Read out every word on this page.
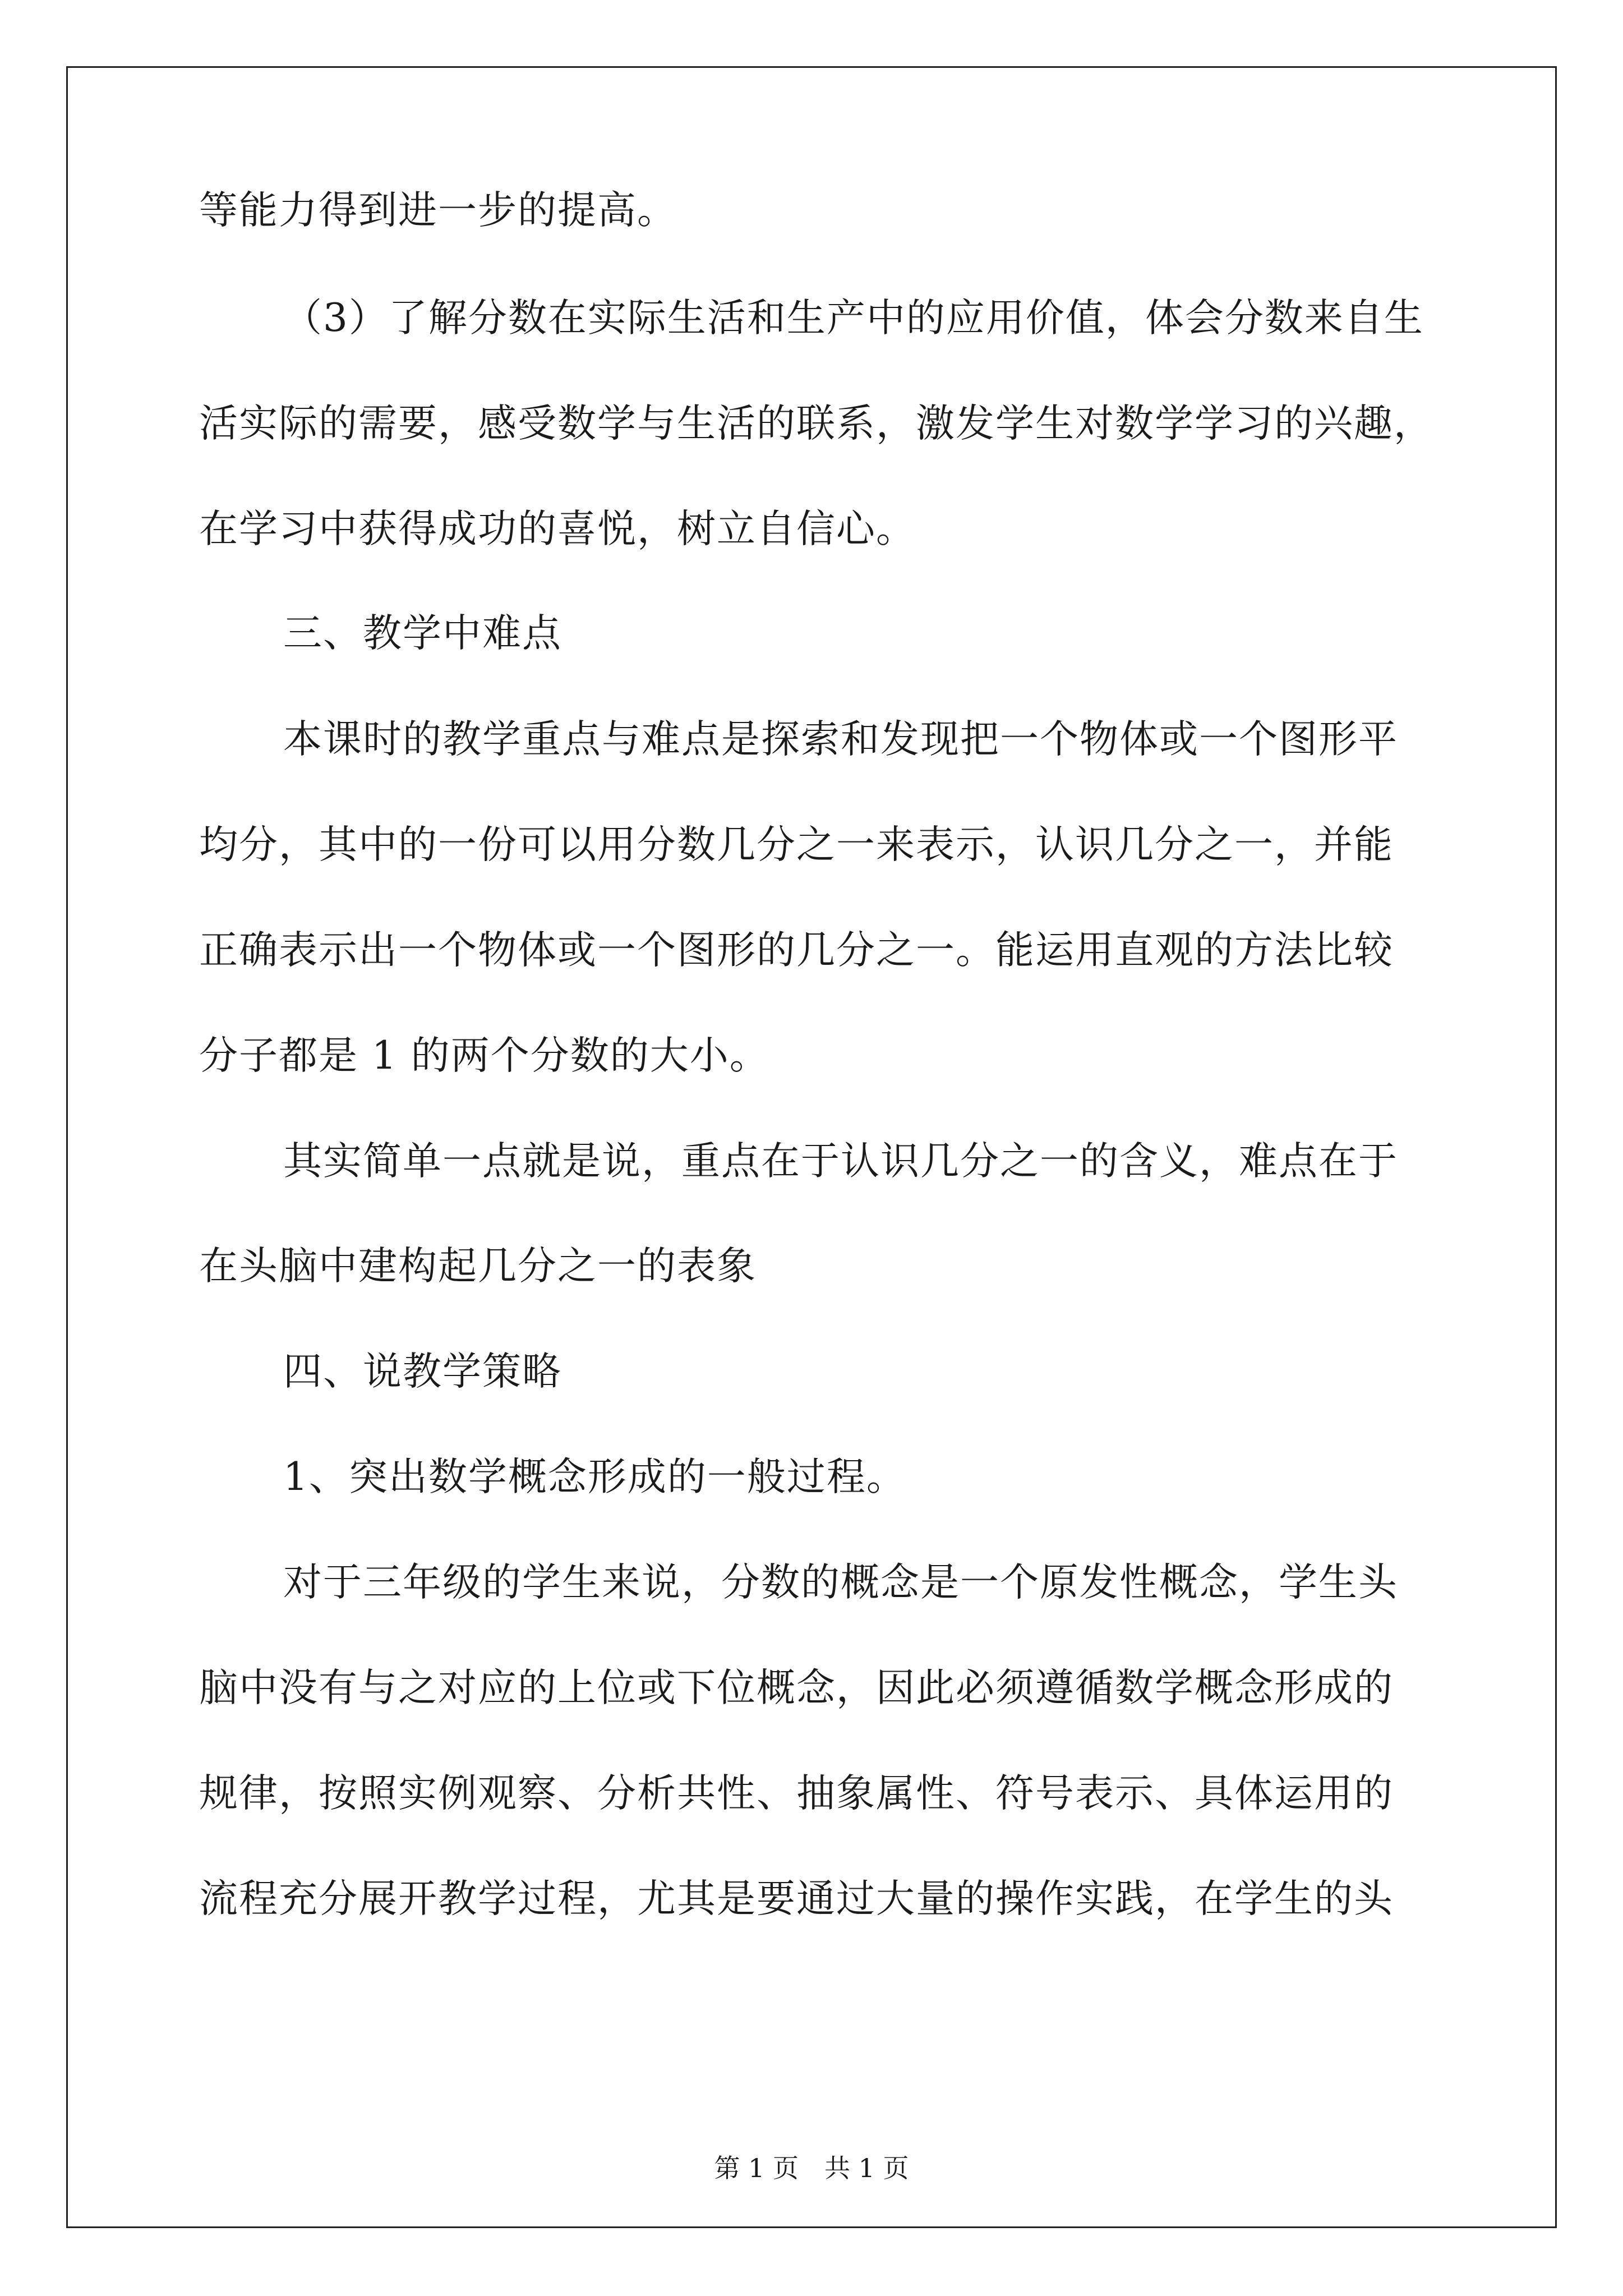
等能力得到进一步的提高。
（3）了解分数在实际生活和生产中的应用价值，体会分数来自生
活实际的需要，感受数学与生活的联系，激发学生对数学学习的兴趣，
在学习中获得成功的喜悦，树立自信心。
三、教学中难点
本课时的教学重点与难点是探索和发现把一个物体或一个图形平
均分，其中的一份可以用分数几分之一来表示，认识几分之一，并能
正确表示出一个物体或一个图形的几分之一。能运用直观的方法比较
分子都是 1 的两个分数的大小。
其实简单一点就是说，重点在于认识几分之一的含义，难点在于
在头脑中建构起几分之一的表象
四、说教学策略
1、突出数学概念形成的一般过程。
对于三年级的学生来说，分数的概念是一个原发性概念，学生头
脑中没有与之对应的上位或下位概念，因此必须遵循数学概念形成的
规律，按照实例观察、分析共性、抽象属性、符号表示、具体运用的
流程充分展开教学过程，尤其是要通过大量的操作实践，在学生的头
第 1 页　共 1 页
